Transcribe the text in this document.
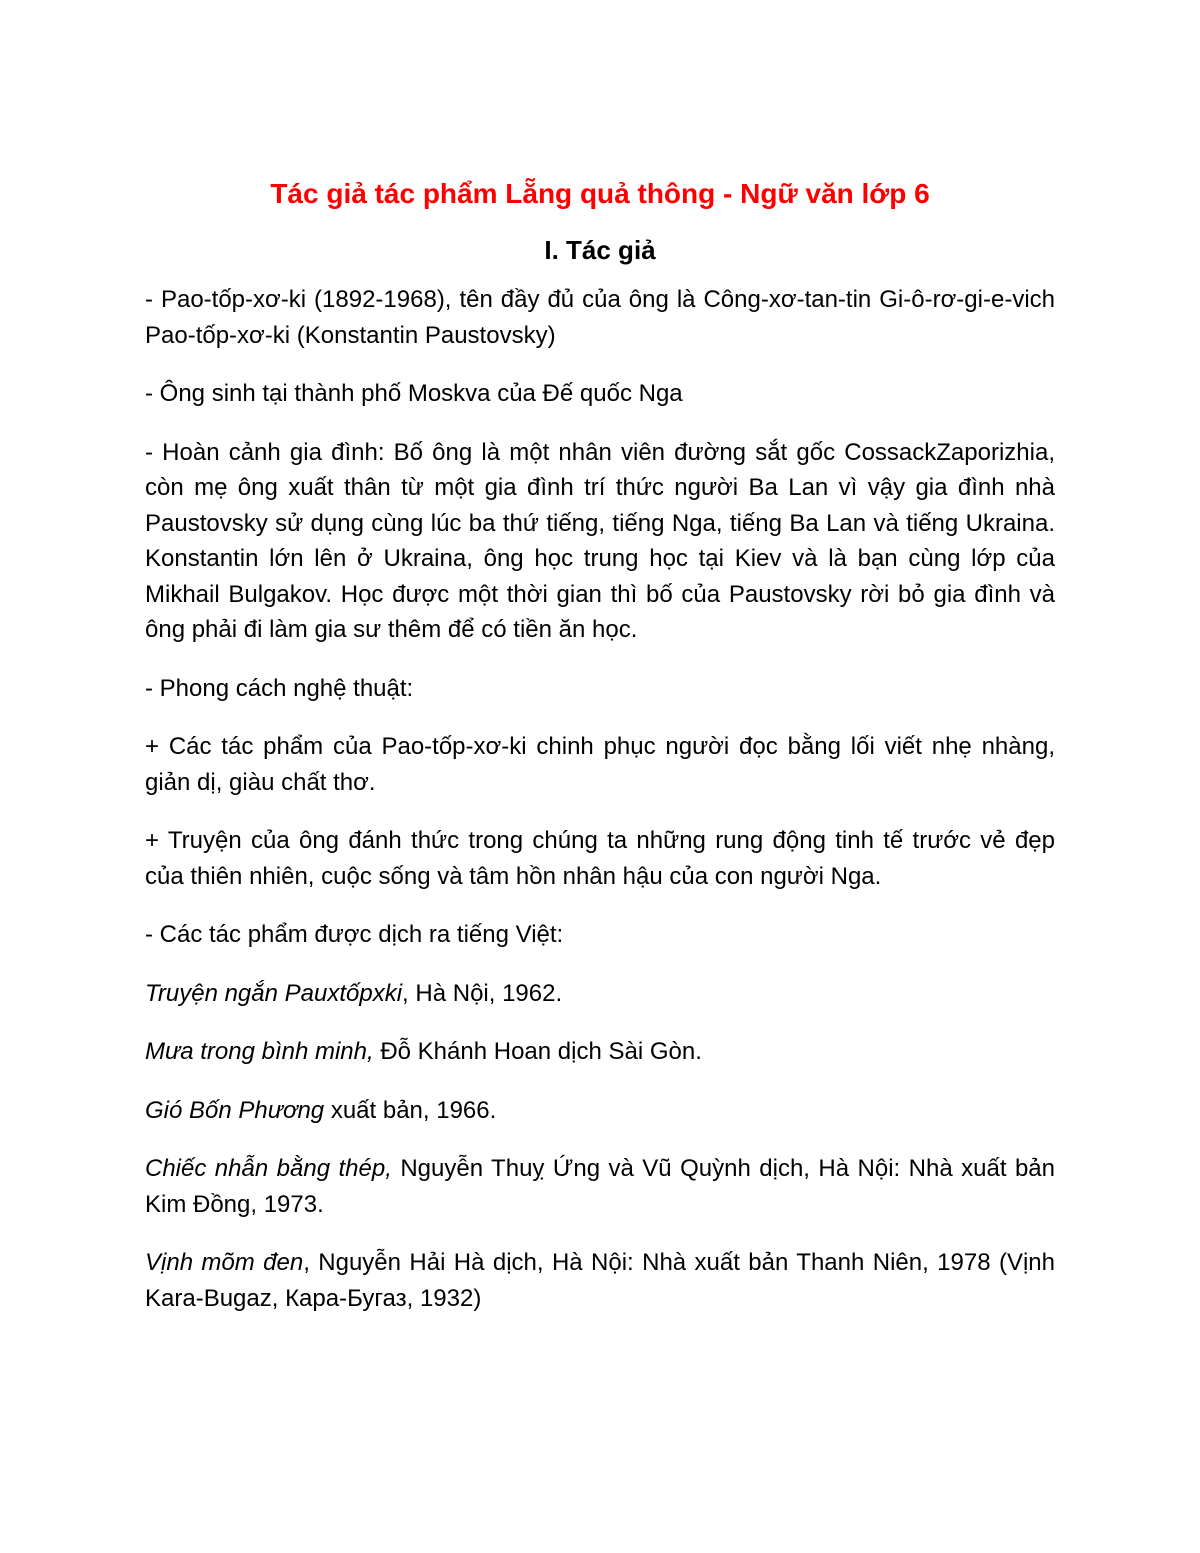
Tác giả tác phẩm Lẵng quả thông - Ngữ văn lớp 6
I. Tác giả

- Pao-tốp-xơ-ki (1892-1968), tên đầy đủ của ông là Công-xơ-tan-tin Gi-ô-rơ-gi-e-vich Pao-tốp-xơ-ki (Konstantin Paustovsky)

- Ông sinh tại thành phố Moskva của Đế quốc Nga

- Hoàn cảnh gia đình: Bố ông là một nhân viên đường sắt gốc CossackZaporizhia, còn mẹ ông xuất thân từ một gia đình trí thức người Ba Lan vì vậy gia đình nhà Paustovsky sử dụng cùng lúc ba thứ tiếng, tiếng Nga, tiếng Ba Lan và tiếng Ukraina. Konstantin lớn lên ở Ukraina, ông học trung học tại Kiev và là bạn cùng lớp của Mikhail Bulgakov. Học được một thời gian thì bố của Paustovsky rời bỏ gia đình và ông phải đi làm gia sư thêm để có tiền ăn học.

- Phong cách nghệ thuật:

+ Các tác phẩm của Pao-tốp-xơ-ki chinh phục người đọc bằng lối viết nhẹ nhàng, giản dị, giàu chất thơ.

+ Truyện của ông đánh thức trong chúng ta những rung động tinh tế trước vẻ đẹp của thiên nhiên, cuộc sống và tâm hồn nhân hậu của con người Nga.

- Các tác phẩm được dịch ra tiếng Việt:

Truyện ngắn Pauxtốpxki, Hà Nội, 1962.

Mưa trong bình minh, Đỗ Khánh Hoan dịch Sài Gòn.

Gió Bốn Phương xuất bản, 1966.

Chiếc nhẫn bằng thép, Nguyễn Thuỵ Ứng và Vũ Quỳnh dịch, Hà Nội: Nhà xuất bản Kim Đồng, 1973.

Vịnh mõm đen, Nguyễn Hải Hà dịch, Hà Nội: Nhà xuất bản Thanh Niên, 1978 (Vịnh Kara-Bugaz, Кара-Бугаз, 1932)
